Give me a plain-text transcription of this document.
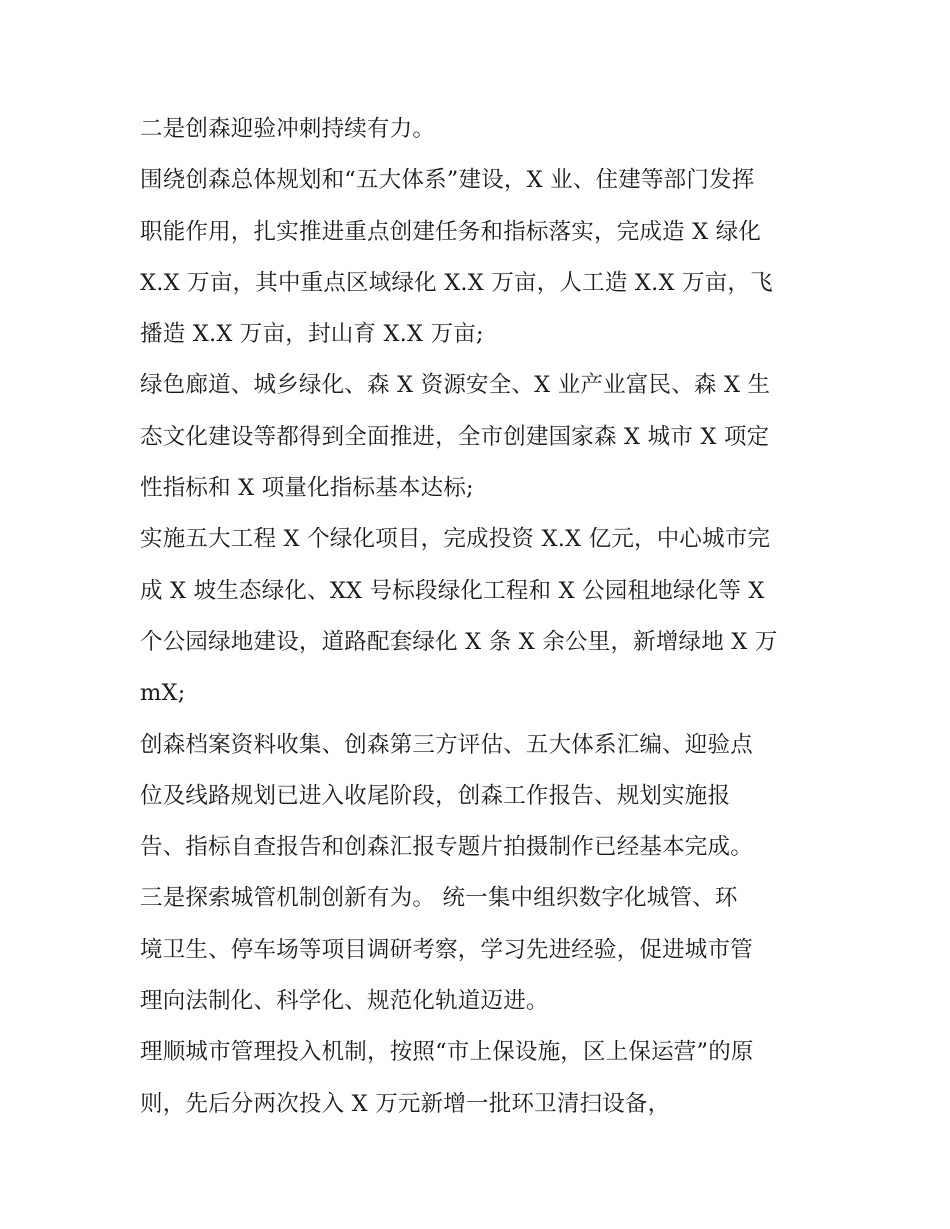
二是创森迎验冲刺持续有力。
围绕创森总体规划和“五大体系”建设，X 业、住建等部门发挥
职能作用，扎实推进重点创建任务和指标落实，完成造 X 绿化
X.X 万亩，其中重点区域绿化 X.X 万亩，人工造 X.X 万亩，飞
播造 X.X 万亩，封山育 X.X 万亩;
绿色廊道、城乡绿化、森 X 资源安全、X 业产业富民、森 X 生
态文化建设等都得到全面推进，全市创建国家森 X 城市 X 项定
性指标和 X 项量化指标基本达标;
实施五大工程 X 个绿化项目，完成投资 X.X 亿元，中心城市完
成 X 坡生态绿化、XX 号标段绿化工程和 X 公园租地绿化等 X
个公园绿地建设，道路配套绿化 X 条 X 余公里，新增绿地 X 万
mX;
创森档案资料收集、创森第三方评估、五大体系汇编、迎验点
位及线路规划已进入收尾阶段，创森工作报告、规划实施报
告、指标自查报告和创森汇报专题片拍摄制作已经基本完成。
三是探索城管机制创新有为。 统一集中组织数字化城管、环
境卫生、停车场等项目调研考察，学习先进经验，促进城市管
理向法制化、科学化、规范化轨道迈进。
理顺城市管理投入机制，按照“市上保设施，区上保运营”的原
则，先后分两次投入 X 万元新增一批环卫清扫设备，
